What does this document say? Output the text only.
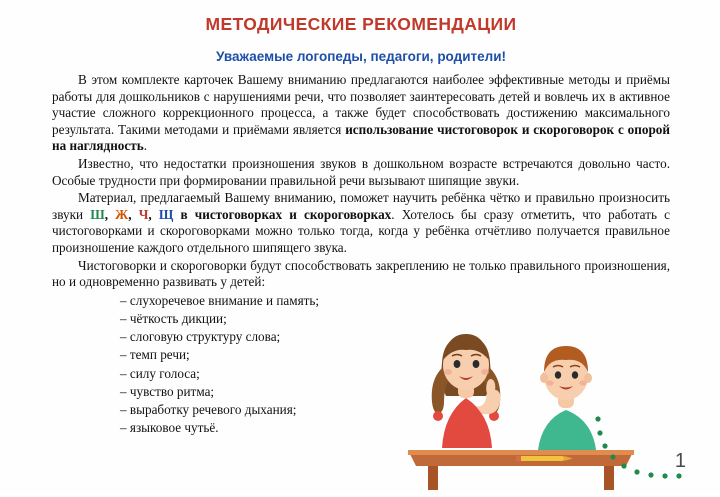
МЕТОДИЧЕСКИЕ РЕКОМЕНДАЦИИ
Уважаемые логопеды, педагоги, родители!

В этом комплекте карточек Вашему вниманию предлагаются наиболее эффективные методы и приёмы работы для дошкольников с нарушениями речи, что позволяет заинтересовать детей и вовлечь их в активное участие сложного коррекционного процесса, а также будет способствовать достижению максимального результата. Такими методами и приёмами является использование чистоговорок и скороговорок с опорой на наглядность.

Известно, что недостатки произношения звуков в дошкольном возрасте встречаются довольно часто. Особые трудности при формировании правильной речи вызывают шипящие звуки.

Материал, предлагаемый Вашему вниманию, поможет научить ребёнка чётко и правильно произносить звуки Ш, Ж, Ч, Щ в чистоговорках и скороговорках. Хотелось бы сразу отметить, что работать с чистоговорками и скороговорками можно только тогда, когда у ребёнка отчётливо получается правильное произношение каждого отдельного шипящего звука.

Чистоговорки и скороговорки будут способствовать закреплению не только правильного произношения, но и одновременно развивать у детей:

– слухоречевое внимание и память;
– чёткость дикции;
– слоговую структуру слова;
– темп речи;
– силу голоса;
– чувство ритма;
– выработку речевого дыхания;
– языковое чутьё.
1
